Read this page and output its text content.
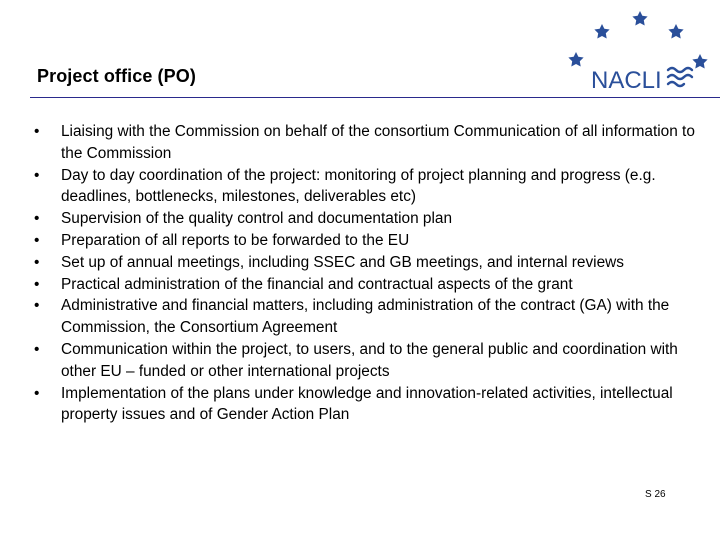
Project office (PO)	NACLI
• Liaising with the Commission on behalf of the consortium Communication of all information to the Commission
• Day to day coordination of the project: monitoring of project planning and progress (e.g. deadlines, bottlenecks, milestones, deliverables etc)
• Supervision of the quality control and documentation plan
• Preparation of all reports to be forwarded to the EU
• Set up of annual meetings, including SSEC and GB meetings, and internal reviews
• Practical administration of the financial and contractual aspects of the grant
• Administrative and financial matters, including administration of the contract (GA) with the Commission, the Consortium Agreement
• Communication within the project, to users, and to the general public and coordination with other EU – funded or other international projects
• Implementation of the plans under knowledge and innovation-related activities, intellectual property issues and of Gender Action Plan
S 26
